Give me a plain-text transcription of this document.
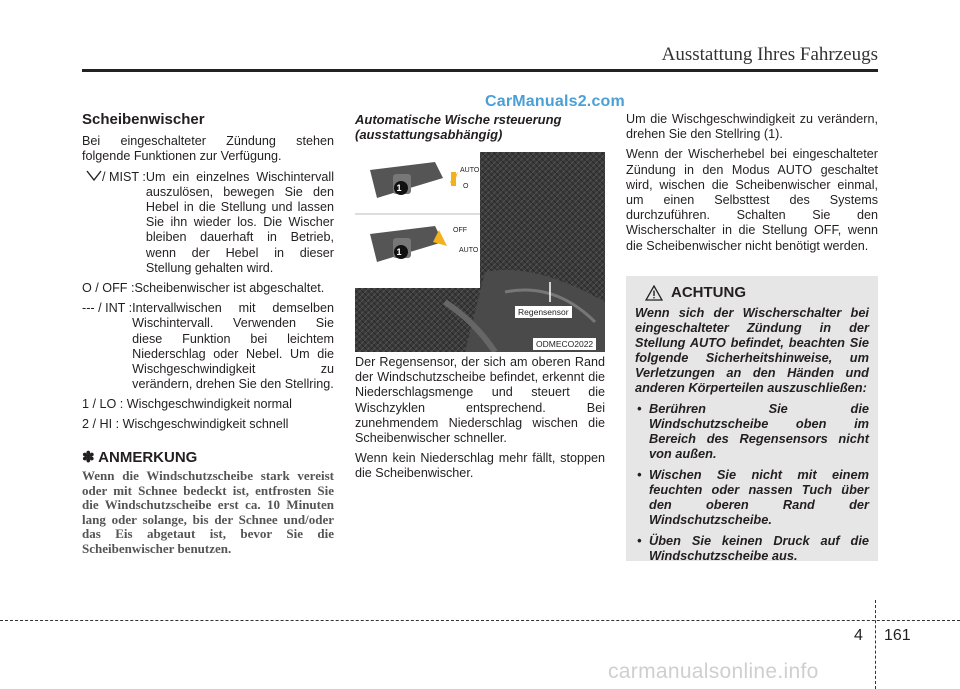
Ausstattung Ihres Fahrzeugs
CarManuals2.com
Scheibenwischer

Bei eingeschalteter Zündung stehen folgende Funktionen zur Verfügung.

/ MIST : Um ein einzelnes Wischintervall auszulösen, bewegen Sie den Hebel in die Stellung und lassen Sie ihn wieder los. Die Wischer bleiben dauerhaft in Betrieb, wenn der Hebel in dieser Stellung gehalten wird.
O / OFF : Scheibenwischer ist abgeschaltet.
--- / INT : Intervallwischen mit demselben Wischintervall. Verwenden Sie diese Funktion bei leichtem Niederschlag oder Nebel. Um die Wischgeschwindigkeit zu verändern, drehen Sie den Stellring.
1 / LO : Wischgeschwindigkeit normal
2 / HI : Wischgeschwindigkeit schnell
✽ ANMERKUNG
Wenn die Windschutzscheibe stark vereist oder mit Schnee bedeckt ist, entfrosten Sie die Windschutzscheibe erst ca. 10 Minuten lang oder solange, bis der Schnee und/oder das Eis abgetaut ist, bevor Sie die Scheibenwischer benutzen.
Automatische Wische rsteuerung (ausstattungsabhängig)

Der Regensensor, der sich am oberen Rand der Windschutzscheibe befindet, erkennt die Niederschlagsmenge und steuert die Wischzyklen entsprechend. Bei zunehmendem Niederschlag wischen die Scheibenwischer schneller.

Wenn kein Niederschlag mehr fällt, stoppen die Scheibenwischer.

AUTO
O
OFF
AUTO
1
1
Regensensor
ODMECO2022

Um die Wischgeschwindigkeit zu verändern, drehen Sie den Stellring (1).

Wenn der Wischerhebel bei eingeschalteter Zündung in den Modus AUTO geschaltet wird, wischen die Scheibenwischer einmal, um einen Selbsttest des Systems durchzuführen. Schalten Sie den Wischerschalter in die Stellung OFF, wenn die Scheibenwischer nicht benötigt werden.

ACHTUNG
Wenn sich der Wischerschalter bei eingeschalteter Zündung in der Stellung AUTO befindet, beachten Sie folgende Sicherheitshinweise, um Verletzungen an den Händen und anderen Körperteilen auszuschließen:
• Berühren Sie die Windschutzscheibe oben im Bereich des Regensensors nicht von außen.
• Wischen Sie nicht mit einem feuchten oder nassen Tuch über den oberen Rand der Windschutzscheibe.
• Üben Sie keinen Druck auf die Windschutzscheibe aus.
4 161
carmanualsonline.info
